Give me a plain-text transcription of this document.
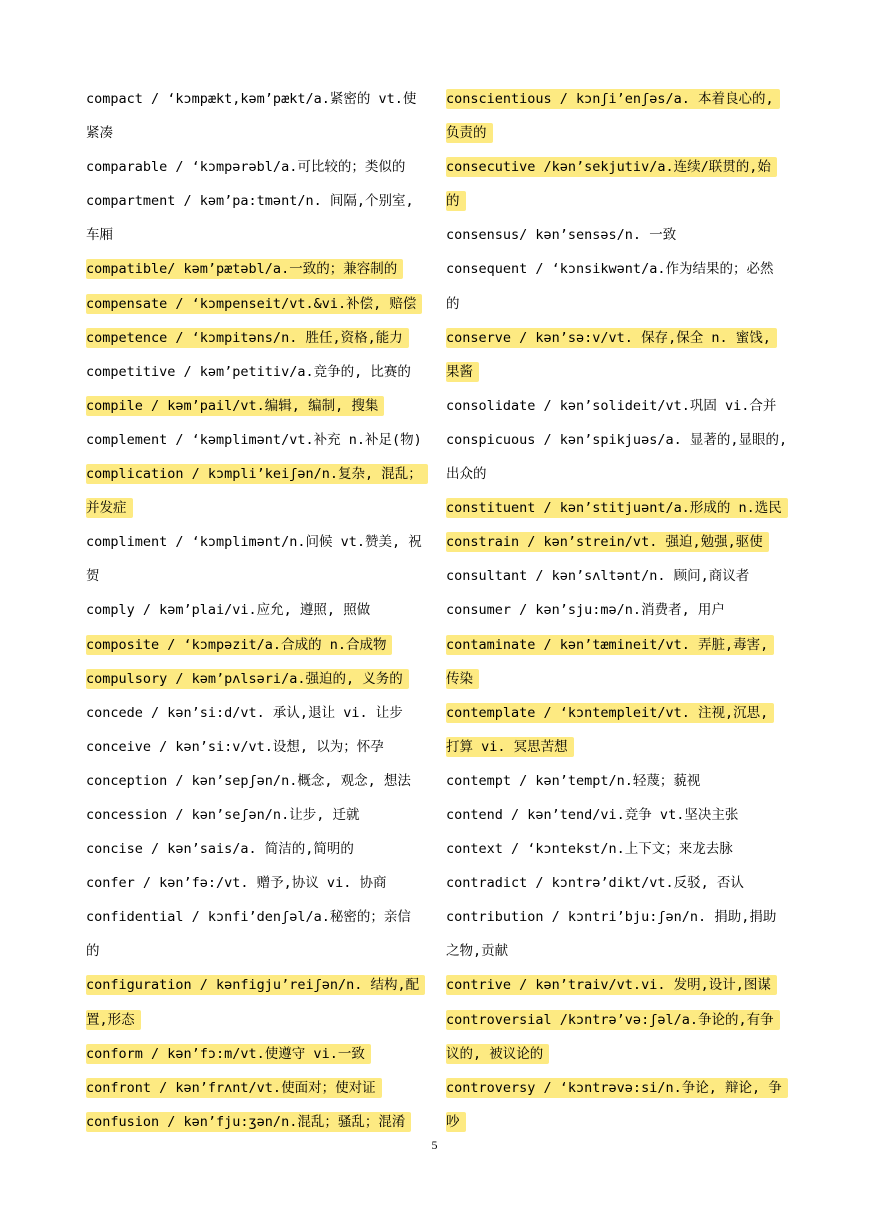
compact / ‘kɔmpækt,kəm’pækt/a.紧密的 vt.使
紧凑
comparable / ‘kɔmpərəbl/a.可比较的；类似的
compartment / kəm’pa:tmənt/n. 间隔,个别室,
车厢
compatible/ kəm’pætəbl/a.一致的；兼容制的
compensate / ‘kɔmpenseit/vt.&vi.补偿, 赔偿
competence / ‘kɔmpitəns/n. 胜任,资格,能力
competitive / kəm’petitiv/a.竞争的, 比赛的
compile / kəm’pail/vt.编辑, 编制, 搜集
complement / ‘kəmplimənt/vt.补充 n.补足(物)
complication / kɔmpli’keiʃən/n.复杂, 混乱；
并发症
compliment / ‘kɔmplimənt/n.问候 vt.赞美, 祝
贺
comply / kəm’plai/vi.应允, 遵照, 照做
composite / ‘kɔmpəzit/a.合成的 n.合成物
compulsory / kəm’pʌlsəri/a.强迫的, 义务的
concede / kən’si:d/vt. 承认,退让 vi. 让步
conceive / kən’si:v/vt.设想, 以为；怀孕
conception / kən’sepʃən/n.概念, 观念, 想法
concession / kən’seʃən/n.让步, 迁就
concise / kən’sais/a. 简洁的,简明的
confer / kən’fə:/vt. 赠予,协议 vi. 协商
confidential / kɔnfi’denʃəl/a.秘密的；亲信
的
configuration / kənfigju’reiʃən/n. 结构,配
置,形态
conform / kən’fɔ:m/vt.使遵守 vi.一致
confront / kən’frʌnt/vt.使面对；使对证
confusion / kən’fju:ʒən/n.混乱；骚乱；混淆
conscientious / kɔnʃi’enʃəs/a. 本着良心的,
负责的
consecutive /kən’sekjutiv/a.连续/联贯的,始
的
consensus/ kən’sensəs/n. 一致
consequent / ‘kɔnsikwənt/a.作为结果的；必然
的
conserve / kən’sə:v/vt. 保存,保全 n. 蜜饯,
果酱
consolidate / kən’solideit/vt.巩固 vi.合并
conspicuous / kən’spikjuəs/a. 显著的,显眼的,
出众的
constituent / kən’stitjuənt/a.形成的 n.选民
constrain / kən’strein/vt. 强迫,勉强,驱使
consultant / kən’sʌltənt/n. 顾问,商议者
consumer / kən’sju:mə/n.消费者, 用户
contaminate / kən’tæmineit/vt. 弄脏,毒害,
传染
contemplate / ‘kɔntempleit/vt. 注视,沉思,
打算 vi. 冥思苦想
contempt / kən’tempt/n.轻蔑；藐视
contend / kən’tend/vi.竞争 vt.坚决主张
context / ‘kɔntekst/n.上下文；来龙去脉
contradict / kɔntrə’dikt/vt.反驳, 否认
contribution / kɔntri’bju:ʃən/n. 捐助,捐助
之物,贡献
contrive / kən’traiv/vt.vi. 发明,设计,图谋
controversial /kɔntrə’və:ʃəl/a.争论的,有争
议的, 被议论的
controversy / ‘kɔntrəvə:si/n.争论, 辩论, 争
吵
5
